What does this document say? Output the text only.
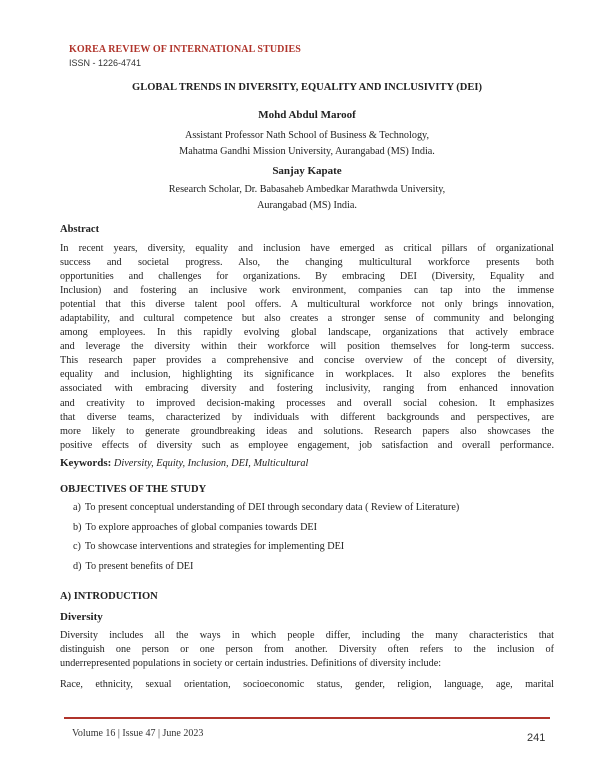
KOREA REVIEW OF INTERNATIONAL STUDIES
ISSN - 1226-4741
GLOBAL TRENDS IN DIVERSITY, EQUALITY AND INCLUSIVITY (DEI)
Mohd Abdul Maroof
Assistant Professor Nath School of Business & Technology,
Mahatma Gandhi Mission University, Aurangabad (MS) India.
Sanjay Kapate
Research Scholar, Dr. Babasaheb Ambedkar Marathwda University,
Aurangabad (MS) India.
Abstract
In recent years, diversity, equality and inclusion have emerged as critical pillars of organizational
success and societal progress. Also, the changing multicultural workforce presents both
opportunities and challenges for organizations. By embracing DEI (Diversity, Equality and
Inclusion) and fostering an inclusive work environment, companies can tap into the immense
potential that this diverse talent pool offers. A multicultural workforce not only brings innovation,
adaptability, and cultural competence but also creates a stronger sense of community and belonging
among employees. In this rapidly evolving global landscape, organizations that actively embrace
and leverage the diversity within their workforce will position themselves for long-term success.
This research paper provides a comprehensive and concise overview of the concept of diversity,
equality and inclusion, highlighting its significance in workplaces. It also explores the benefits
associated with embracing diversity and fostering inclusivity, ranging from enhanced innovation
and creativity to improved decision-making processes and overall social cohesion. It emphasizes
that diverse teams, characterized by individuals with different backgrounds and perspectives, are
more likely to generate groundbreaking ideas and solutions. Research papers also showcases the
positive effects of diversity such as employee engagement, job satisfaction and overall performance.
Keywords: Diversity, Equity, Inclusion, DEI, Multicultural
OBJECTIVES OF THE STUDY
a) To present conceptual understanding of DEI through secondary data ( Review of Literature)
b) To explore approaches of global companies towards DEI
c) To showcase interventions and strategies for implementing DEI
d) To present benefits of DEI
A) INTRODUCTION
Diversity
Diversity includes all the ways in which people differ, including the many characteristics that
distinguish one person or one person from another. Diversity often refers to the inclusion of
underrepresented populations in society or certain industries. Definitions of diversity include:
Race, ethnicity, sexual orientation, socioeconomic status, gender, religion, language, age, marital
Volume 16 | Issue 47 | June 2023	241
